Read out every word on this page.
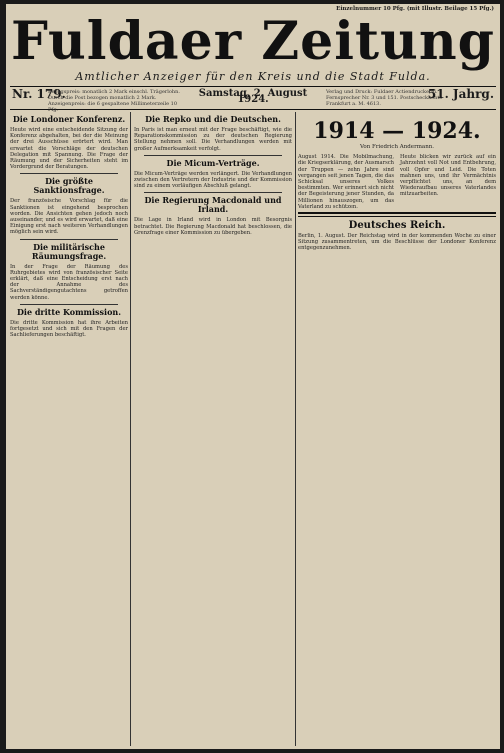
Einzelnummer 10 Pfg. (mit Illustr. Beilage 15 Pfg.)
Fuldaer Zeitung
Amtlicher Anzeiger für den Kreis und die Stadt Fulda.
Nr. 179.
Bezugspreis: monatlich 2 Mark einschl. Trägerlohn. Durch die Post bezogen monatlich 2 Mark. Anzeigenpreis: die 6 gespaltene Millimeterzeile 10 Pfg.
Samstag, 2. August 1924.
Verlag und Druck: Fuldaer Actiendruckerei. Fernsprecher Nr. 3 und 151. Postscheckkonto Frankfurt a. M. 4613.
51. Jahrg.
Die Londoner Konferenz.
Heute wird eine entscheidende Sitzung der Konferenz abgehalten, bei der die Meinung der drei Ausschüsse erörtert wird. Man erwartet die Vorschläge der deutschen Delegation mit Spannung. Die Frage der Räumung und der Sicherheiten steht im Vordergrund der Beratungen.
Die größte Sanktionsfrage.
Der französische Vorschlag für die Sanktionen ist eingehend besprochen worden. Die Ansichten gehen jedoch noch auseinander, und es wird erwartet, daß eine Einigung erst nach weiteren Verhandlungen möglich sein wird.
Die militärische Räumungsfrage.
In der Frage der Räumung des Ruhrgebietes wird von französischer Seite erklärt, daß eine Entscheidung erst nach der Annahme des Sachverständigengutachtens getroffen werden könne.
Die dritte Kommission.
Die dritte Kommission hat ihre Arbeiten fortgesetzt und sich mit den Fragen der Sachlieferungen beschäftigt.
Die Repko und die Deutschen.
In Paris ist man erneut mit der Frage beschäftigt, wie die Reparationskommission zu der deutschen Regierung Stellung nehmen soll. Die Verhandlungen werden mit großer Aufmerksamkeit verfolgt.
Die Micum-Verträge.
Die Micum-Verträge werden verlängert. Die Verhandlungen zwischen den Vertretern der Industrie und der Kommission sind zu einem vorläufigen Abschluß gelangt.
Die Regierung Macdonald und Irland.
Die Lage in Irland wird in London mit Besorgnis betrachtet. Die Regierung Macdonald hat beschlossen, die Grenzfrage einer Kommission zu übergeben.
1914 — 1924.
Von Friedrich Andermann.
August 1914. Die Mobilmachung, die Kriegserklärung, der Ausmarsch der Truppen — zehn Jahre sind vergangen seit jenen Tagen, die das Schicksal unseres Volkes bestimmten. Wer erinnert sich nicht der Begeisterung jener Stunden, da Millionen hinauszogen, um das Vaterland zu schützen.
Heute blicken wir zurück auf ein Jahrzehnt voll Not und Entbehrung, voll Opfer und Leid. Die Toten mahnen uns, und ihr Vermächtnis verpflichtet uns, an dem Wiederaufbau unseres Vaterlandes mitzuarbeiten.
Deutsches Reich.
Berlin, 1. August. Der Reichstag wird in der kommenden Woche zu einer Sitzung zusammentreten, um die Beschlüsse der Londoner Konferenz entgegenzunehmen.
